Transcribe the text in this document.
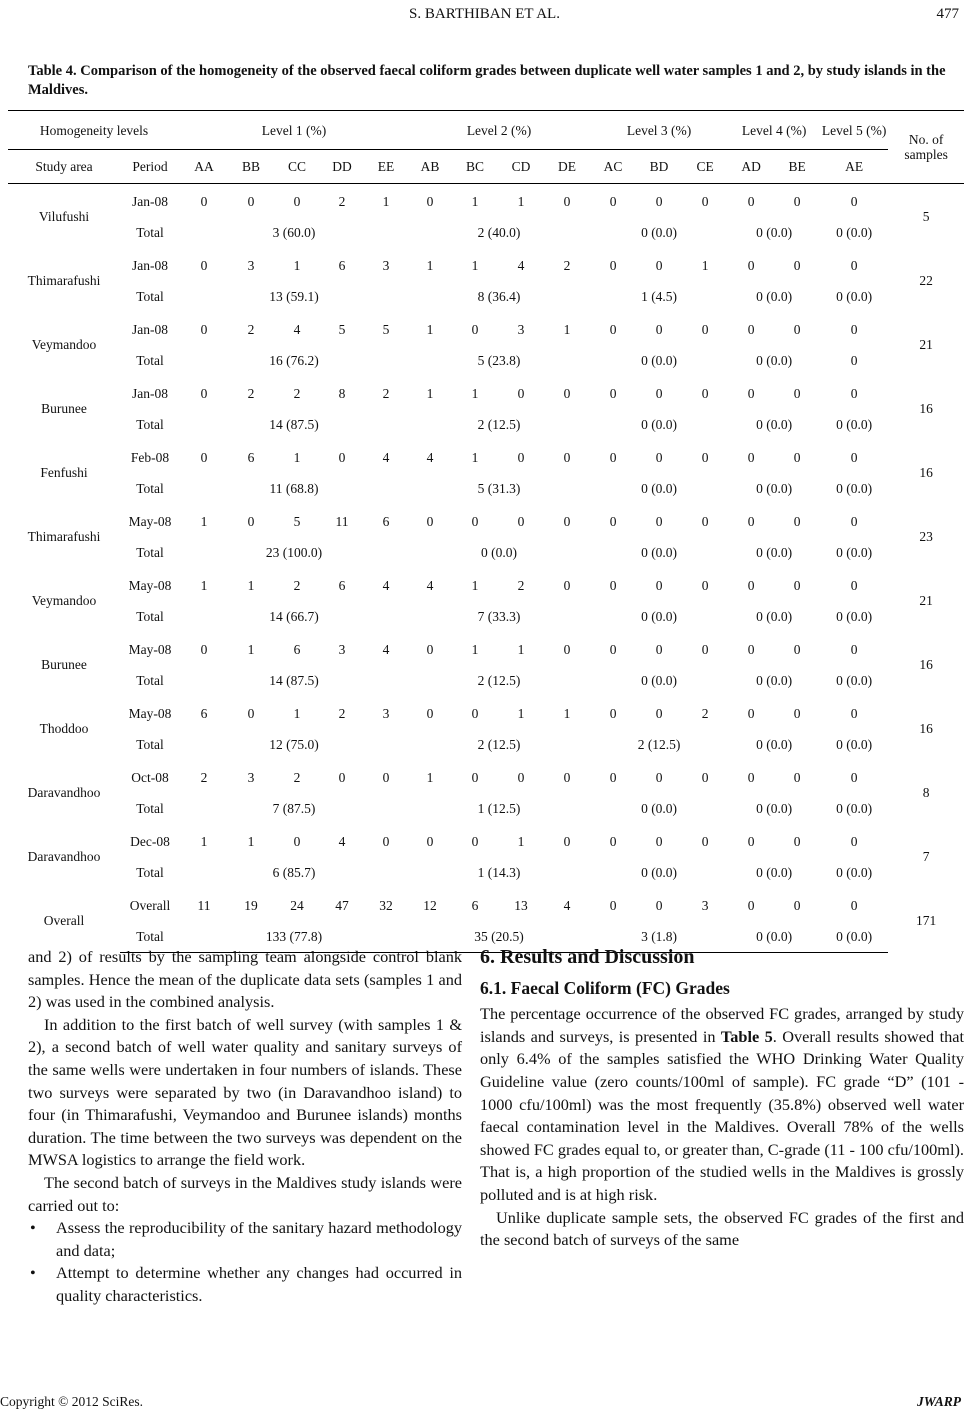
S. BARTHIBAN ET AL.	477
Table 4. Comparison of the homogeneity of the observed faecal coliform grades between duplicate well water samples 1 and 2, by study islands in the Maldives.
Homogeneity levels		Level 1 (%)					Level 2 (%)				Level 3 (%)			Level 4 (%)		Level 5 (%)	No. of samples
Study area	Period	AA	BB	CC	DD	EE	AB	BC	CD	DE	AC	BD	CE	AD	BE	AE	
Vilufushi	Jan-08	0	0	0	2	1	0	1	1	0	0	0	0	0	0	0	5
	Total	3 (60.0)					2 (40.0)				0 (0.0)			0 (0.0)		0 (0.0)	
Thimarafushi	Jan-08	0	3	1	6	3	1	1	4	2	0	0	1	0	0	0	22
	Total	13 (59.1)					8 (36.4)				1 (4.5)			0 (0.0)		0 (0.0)	
Veymandoo	Jan-08	0	2	4	5	5	1	0	3	1	0	0	0	0	0	0	21
	Total	16 (76.2)					5 (23.8)				0 (0.0)			0 (0.0)		0	
Burunee	Jan-08	0	2	2	8	2	1	1	0	0	0	0	0	0	0	0	16
	Total	14 (87.5)					2 (12.5)				0 (0.0)			0 (0.0)		0 (0.0)	
Fenfushi	Feb-08	0	6	1	0	4	4	1	0	0	0	0	0	0	0	0	16
	Total	11 (68.8)					5 (31.3)				0 (0.0)			0 (0.0)		0 (0.0)	
Thimarafushi	May-08	1	0	5	11	6	0	0	0	0	0	0	0	0	0	0	23
	Total	23 (100.0)					0 (0.0)				0 (0.0)			0 (0.0)		0 (0.0)	
Veymandoo	May-08	1	1	2	6	4	4	1	2	0	0	0	0	0	0	0	21
	Total	14 (66.7)					7 (33.3)				0 (0.0)			0 (0.0)		0 (0.0)	
Burunee	May-08	0	1	6	3	4	0	1	1	0	0	0	0	0	0	0	16
	Total	14 (87.5)					2 (12.5)				0 (0.0)			0 (0.0)		0 (0.0)	
Thoddoo	May-08	6	0	1	2	3	0	0	1	1	0	0	2	0	0	0	16
	Total	12 (75.0)					2 (12.5)				2 (12.5)			0 (0.0)		0 (0.0)	
Daravandhoo	Oct-08	2	3	2	0	0	1	0	0	0	0	0	0	0	0	0	8
	Total	7 (87.5)					1 (12.5)				0 (0.0)			0 (0.0)		0 (0.0)	
Daravandhoo	Dec-08	1	1	0	4	0	0	0	1	0	0	0	0	0	0	0	7
	Total	6 (85.7)					1 (14.3)				0 (0.0)			0 (0.0)		0 (0.0)	
Overall	Overall	11	19	24	47	32	12	6	13	4	0	0	3	0	0	0	171
	Total	133 (77.8)					35 (20.5)				3 (1.8)			0 (0.0)		0 (0.0)	

and 2) of results by the sampling team alongside control blank samples. Hence the mean of the duplicate data sets (samples 1 and 2) was used in the combined analysis.

In addition to the first batch of well survey (with samples 1 & 2), a second batch of well water quality and sanitary surveys of the same wells were undertaken in four numbers of islands. These two surveys were separated by two (in Daravandhoo island) to four (in Thimarafushi, Veymandoo and Burunee islands) months duration. The time between the two surveys was dependent on the MWSA logistics to arrange the field work.

The second batch of surveys in the Maldives study islands were carried out to:

• Assess the reproducibility of the sanitary hazard methodology and data;
• Attempt to determine whether any changes had occurred in quality characteristics.
6. Results and Discussion
6.1. Faecal Coliform (FC) Grades

The percentage occurrence of the observed FC grades, arranged by study islands and surveys, is presented in Table 5. Overall results showed that only 6.4% of the samples satisfied the WHO Drinking Water Quality Guideline value (zero counts/100ml of sample). FC grade “D” (101 - 1000 cfu/100ml) was the most frequently (35.8%) observed well water faecal contamination level in the Maldives. Overall 78% of the wells showed FC grades equal to, or greater than, C-grade (11 - 100 cfu/100ml). That is, a high proportion of the studied wells in the Maldives is grossly polluted and is at high risk.

Unlike duplicate sample sets, the observed FC grades of the first and the second batch of surveys of the same

Copyright © 2012 SciRes.	JWARP
